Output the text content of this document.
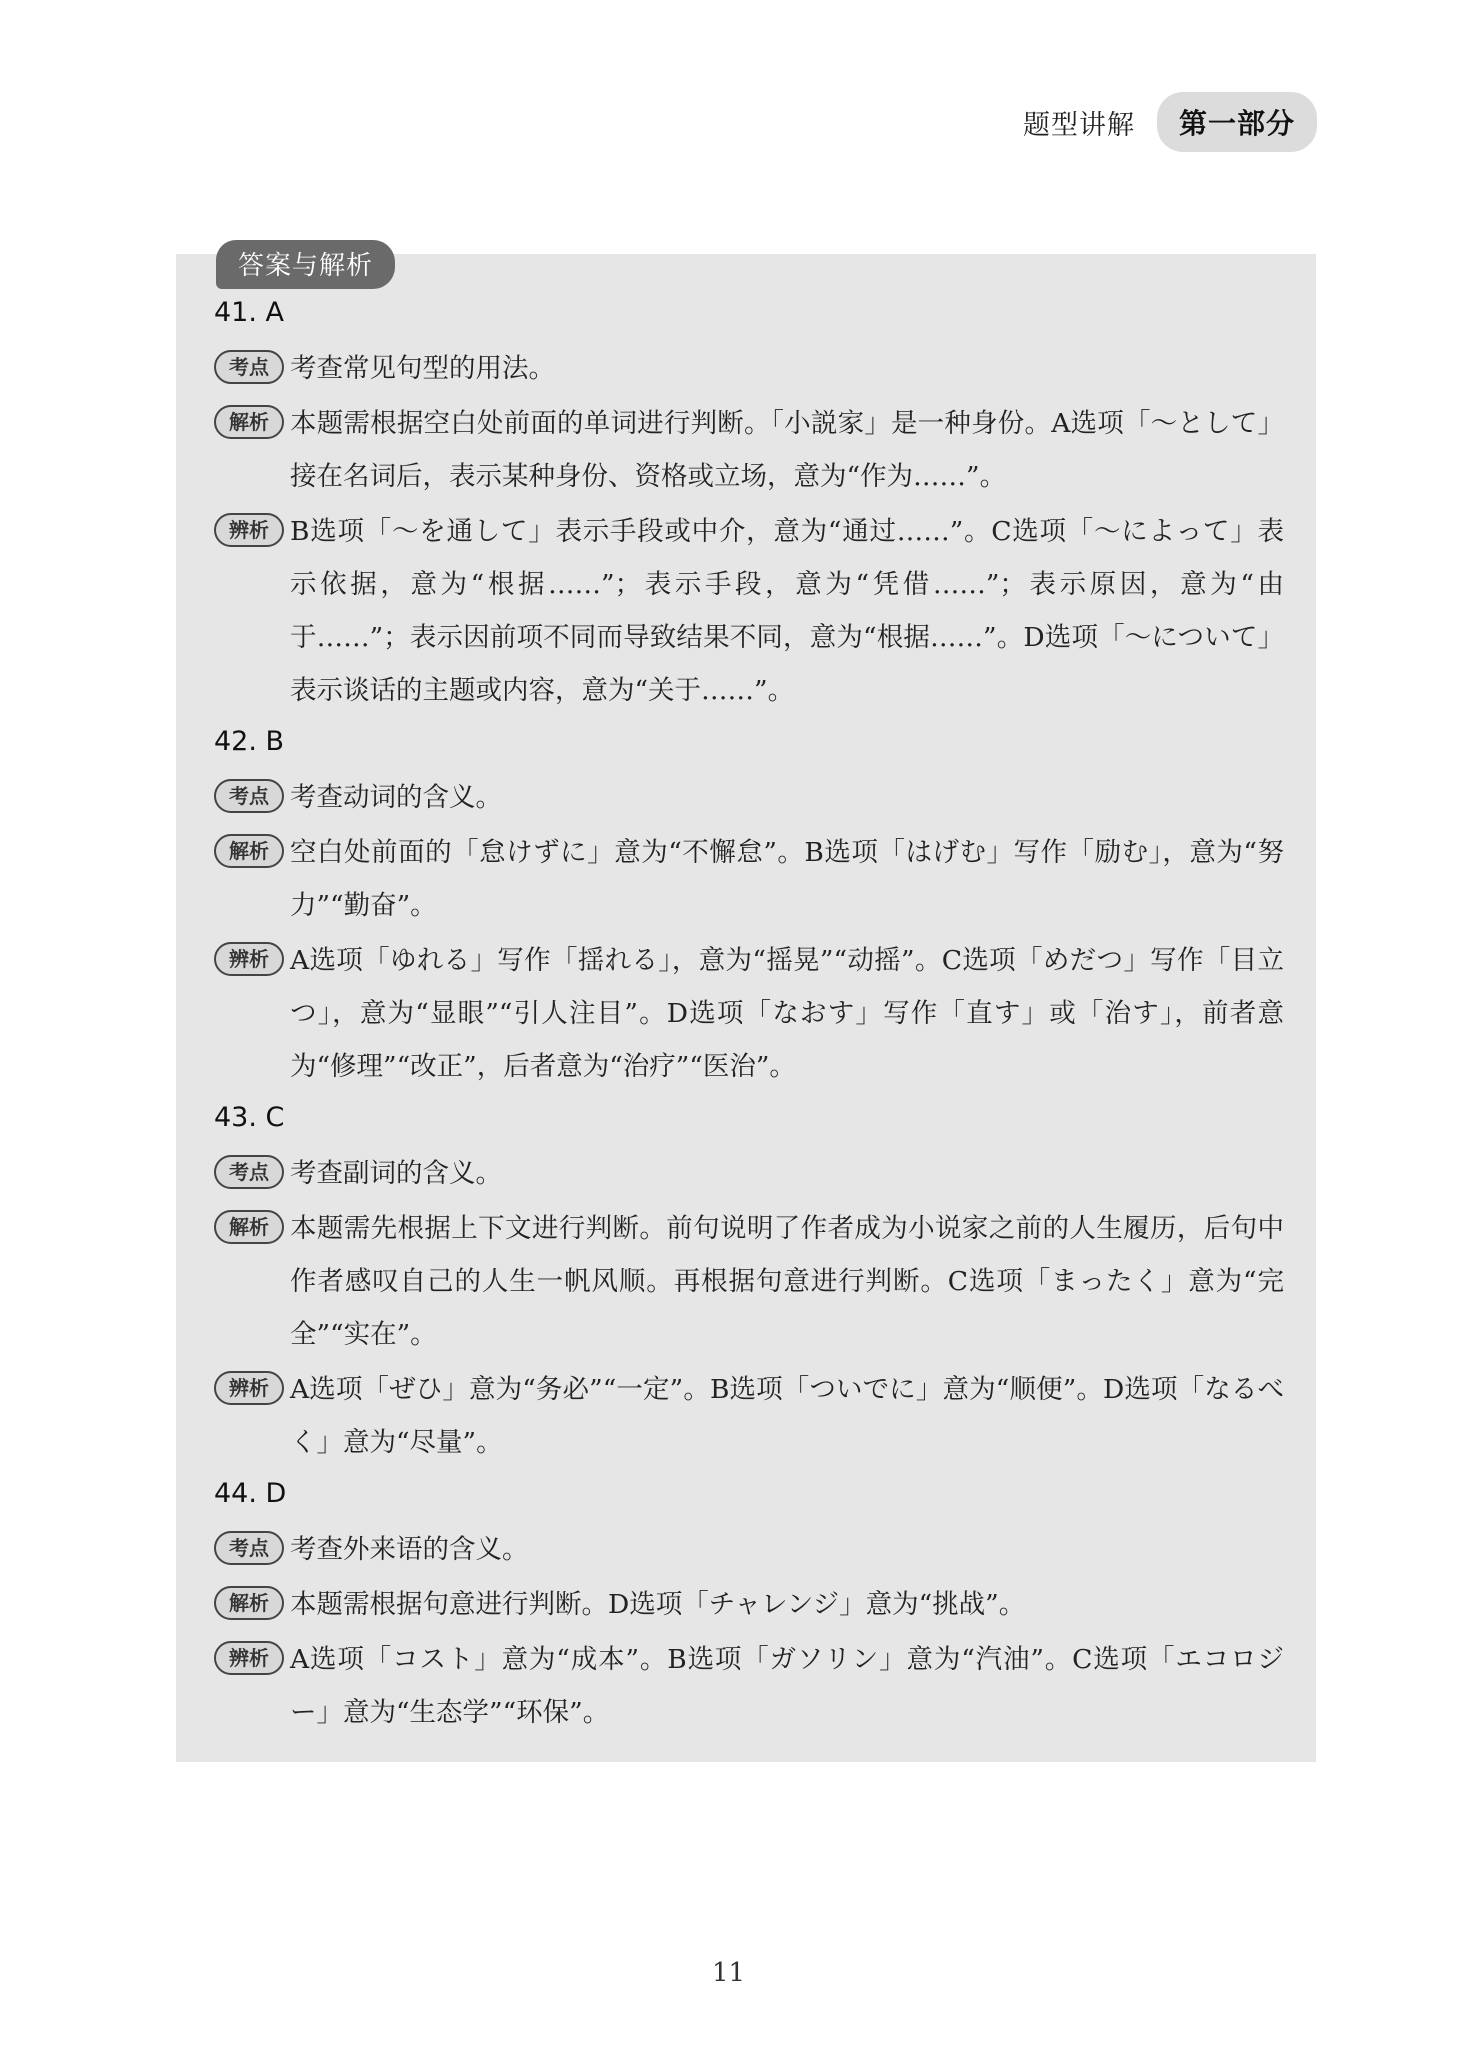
题型讲解	第一部分
答案与解析
41. A
考点 考查常见句型的用法。
解析 本题需根据空白处前面的单词进行判断。「小説家」是一种身份。A选项「～として」接在名词后，表示某种身份、资格或立场，意为“作为……”。
辨析 B选项「～を通して」表示手段或中介，意为“通过……”。C选项「～によって」表示依据，意为“根据……”；表示手段，意为“凭借……”；表示原因，意为“由于……”；表示因前项不同而导致结果不同，意为“根据……”。D选项「～について」表示谈话的主题或内容，意为“关于……”。
42. B
考点 考查动词的含义。
解析 空白处前面的「怠けずに」意为“不懈怠”。B选项「はげむ」写作「励む」，意为“努力”“勤奋”。
辨析 A选项「ゆれる」写作「揺れる」，意为“摇晃”“动摇”。C选项「めだつ」写作「目立つ」，意为“显眼”“引人注目”。D选项「なおす」写作「直す」或「治す」，前者意为“修理”“改正”，后者意为“治疗”“医治”。
43. C
考点 考查副词的含义。
解析 本题需先根据上下文进行判断。前句说明了作者成为小说家之前的人生履历，后句中作者感叹自己的人生一帆风顺。再根据句意进行判断。C选项「まったく」意为“完全”“实在”。
辨析 A选项「ぜひ」意为“务必”“一定”。B选项「ついでに」意为“顺便”。D选项「なるべく」意为“尽量”。
44. D
考点 考查外来语的含义。
解析 本题需根据句意进行判断。D选项「チャレンジ」意为“挑战”。
辨析 A选项「コスト」意为“成本”。B选项「ガソリン」意为“汽油”。C选项「エコロジー」意为“生态学”“环保”。
11
